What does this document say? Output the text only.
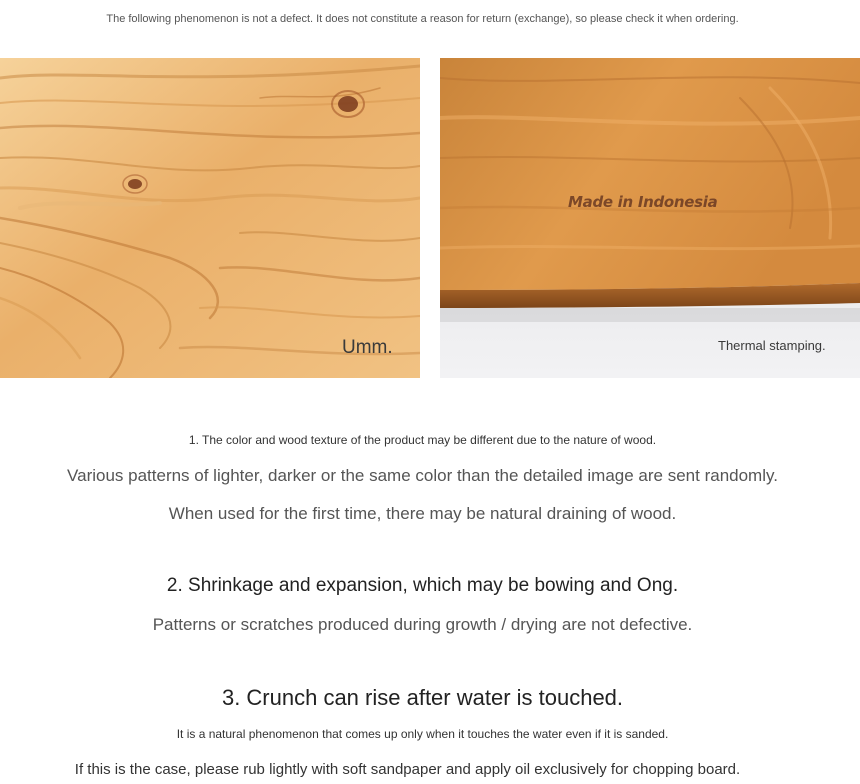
The following phenomenon is not a defect. It does not constitute a reason for return (exchange), so please check it when ordering.
Umm.
Made in Indonesia
Thermal stamping.
1. The color and wood texture of the product may be different due to the nature of wood.
Various patterns of lighter, darker or the same color than the detailed image are sent randomly.
When used for the first time, there may be natural draining of wood.
2. Shrinkage and expansion, which may be bowing and Ong.
Patterns or scratches produced during growth / drying are not defective.
3. Crunch can rise after water is touched.
It is a natural phenomenon that comes up only when it touches the water even if it is sanded.
If this is the case, please rub lightly with soft sandpaper and apply oil exclusively for chopping board.
